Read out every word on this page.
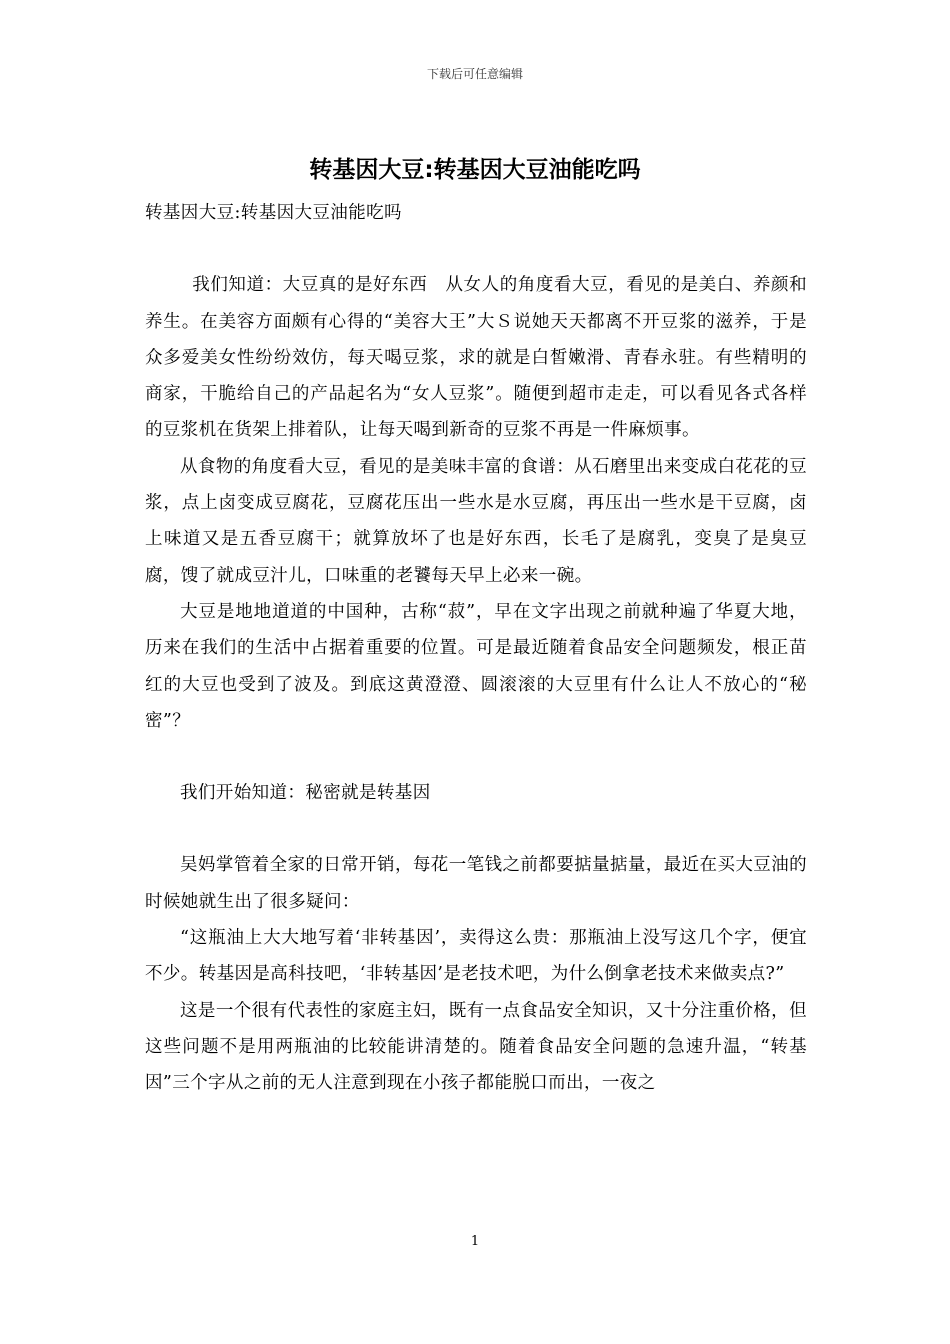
下载后可任意编辑
转基因大豆:转基因大豆油能吃吗

转基因大豆:转基因大豆油能吃吗

我们知道：大豆真的是好东西　从女人的角度看大豆，看见的是美白、养颜和养生。在美容方面颇有心得的“美容大王”大Ｓ说她天天都离不开豆浆的滋养，于是众多爱美女性纷纷效仿，每天喝豆浆，求的就是白皙嫩滑、青春永驻。有些精明的商家，干脆给自己的产品起名为“女人豆浆”。随便到超市走走，可以看见各式各样的豆浆机在货架上排着队，让每天喝到新奇的豆浆不再是一件麻烦事。

从食物的角度看大豆，看见的是美味丰富的食谱：从石磨里出来变成白花花的豆浆，点上卤变成豆腐花，豆腐花压出一些水是水豆腐，再压出一些水是干豆腐，卤上味道又是五香豆腐干；就算放坏了也是好东西，长毛了是腐乳，变臭了是臭豆腐，馊了就成豆汁儿，口味重的老饕每天早上必来一碗。

大豆是地地道道的中国种，古称“菽”，早在文字出现之前就种遍了华夏大地，历来在我们的生活中占据着重要的位置。可是最近随着食品安全问题频发，根正苗红的大豆也受到了波及。到底这黄澄澄、圆滚滚的大豆里有什么让人不放心的“秘密”？

我们开始知道：秘密就是转基因

吴妈掌管着全家的日常开销，每花一笔钱之前都要掂量掂量，最近在买大豆油的时候她就生出了很多疑问：

“这瓶油上大大地写着‘非转基因’，卖得这么贵：那瓶油上没写这几个字，便宜不少。转基因是高科技吧，‘非转基因’是老技术吧，为什么倒拿老技术来做卖点?”

这是一个很有代表性的家庭主妇，既有一点食品安全知识，又十分注重价格，但这些问题不是用两瓶油的比较能讲清楚的。随着食品安全问题的急速升温，“转基因”三个字从之前的无人注意到现在小孩子都能脱口而出，一夜之

1
